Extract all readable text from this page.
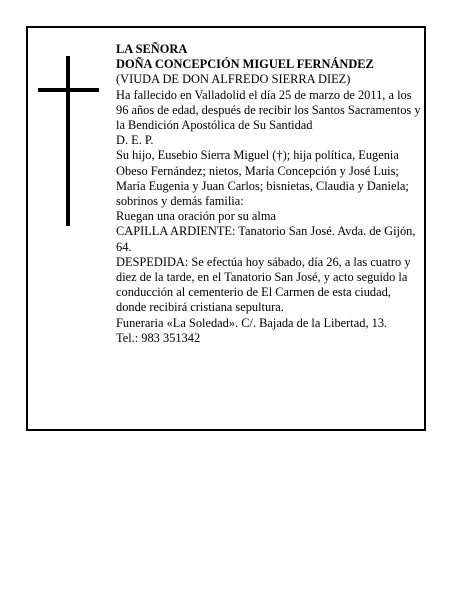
LA SEÑORA

DOÑA CONCEPCIÓN MIGUEL FERNÁNDEZ

(VIUDA DE DON ALFREDO SIERRA DIEZ)

Ha fallecido en Valladolid el día 25 de marzo de 2011, a los 96 años de edad, después de recibir los Santos Sacramentos y la Bendición Apostólica de Su Santidad

D. E. P.

Su hijo, Eusebio Sierra Miguel (†); hija política, Eugenia Obeso Fernández; nietos, María Concepción y José Luis; María Eugenia y Juan Carlos; bisnietas, Claudia y Daniela; sobrinos y demás familia:

Ruegan una oración por su alma

CAPILLA ARDIENTE: Tanatorio San José. Avda. de Gijón, 64.

DESPEDIDA: Se efectúa hoy sábado, día 26, a las cuatro y diez de la tarde, en el Tanatorio San José, y acto seguido la conducción al cementerio de El Carmen de esta ciudad, donde recibirá cristiana sepultura.

Funeraria «La Soledad». C/. Bajada de la Libertad, 13.

Tel.: 983 351342
